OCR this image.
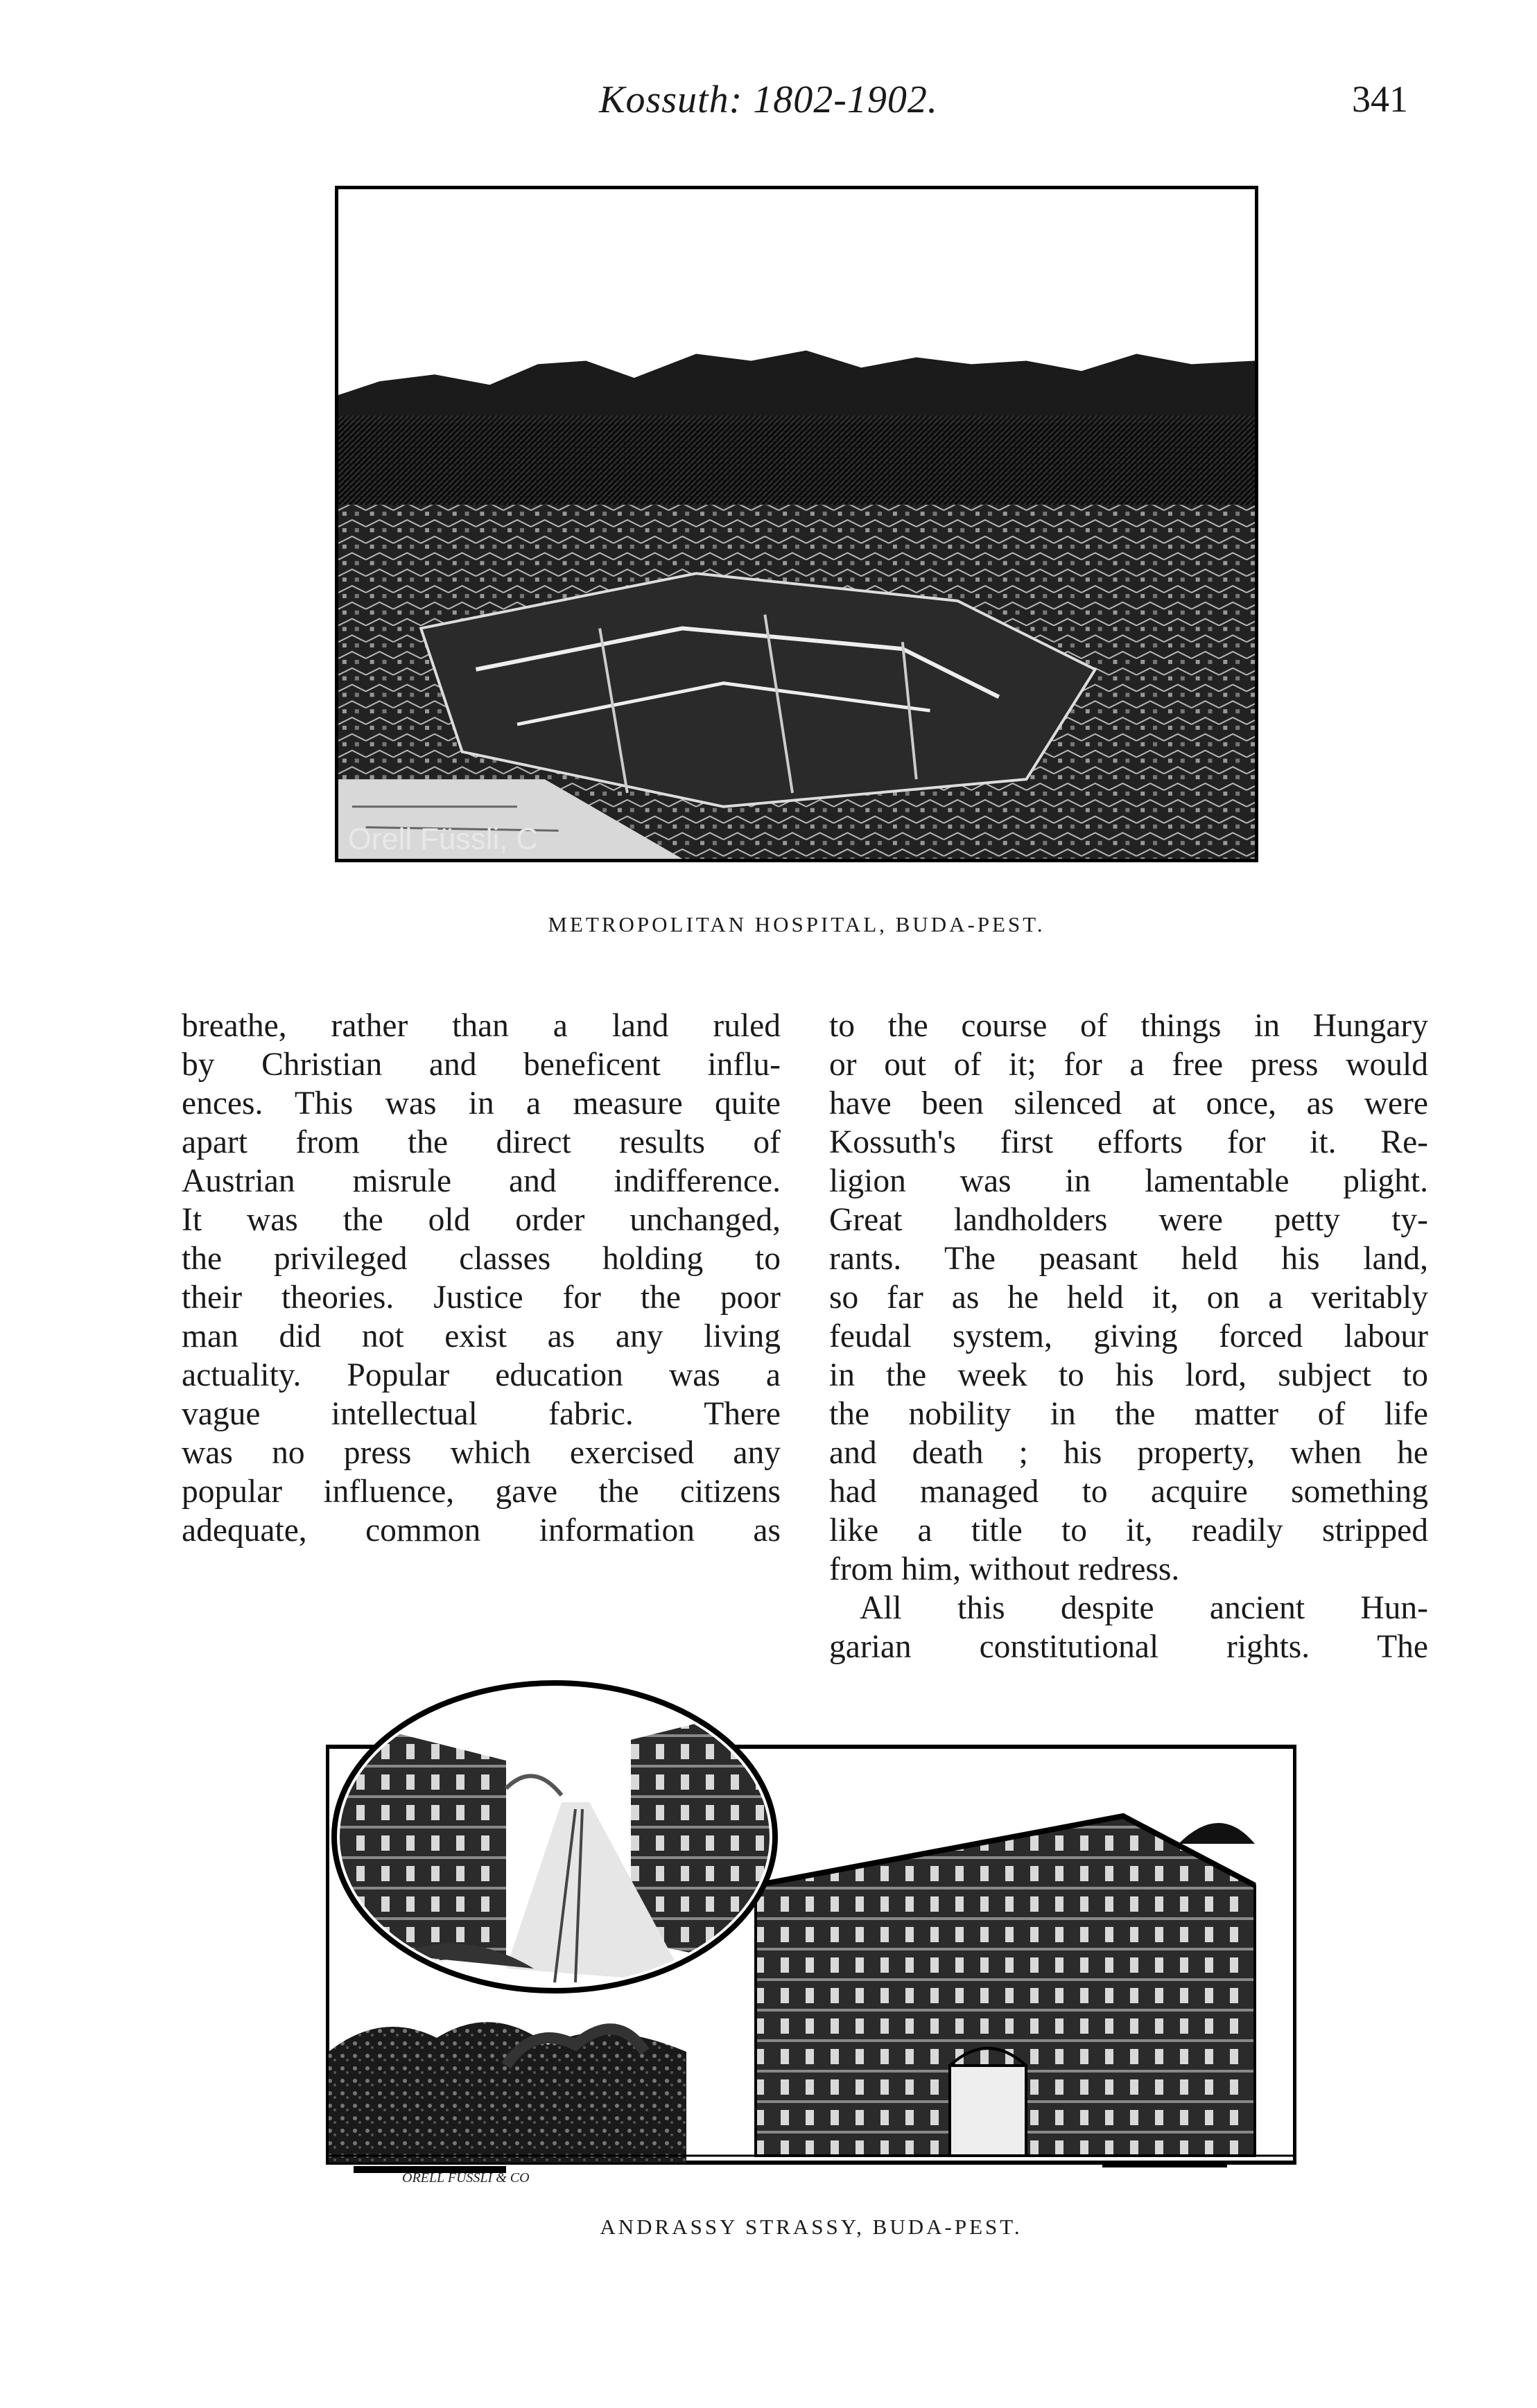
Kossuth: 1802-1902.	341
Orell Füssli, C
METROPOLITAN HOSPITAL, BUDA-PEST.

breathe, rather than a land ruled
by Christian and beneficent influ-
ences. This was in a measure quite
apart from the direct results of
Austrian misrule and indifference.
It was the old order unchanged,
the privileged classes holding to
their theories. Justice for the poor
man did not exist as any living
actuality. Popular education was a
vague intellectual fabric. There
was no press which exercised any
popular influence, gave the citizens
adequate, common information as

to the course of things in Hungary
or out of it; for a free press would
have been silenced at once, as were
Kossuth's first efforts for it. Re-
ligion was in lamentable plight.
Great landholders were petty ty-
rants. The peasant held his land,
so far as he held it, on a veritably
feudal system, giving forced labour
in the week to his lord, subject to
the nobility in the matter of life
and death ; his property, when he
had managed to acquire something
like a title to it, readily stripped
from him, without redress.

All this despite ancient Hun-
garian constitutional rights. The

ORELL FÜSSLI & CO
ANDRASSY STRASSY, BUDA-PEST.
